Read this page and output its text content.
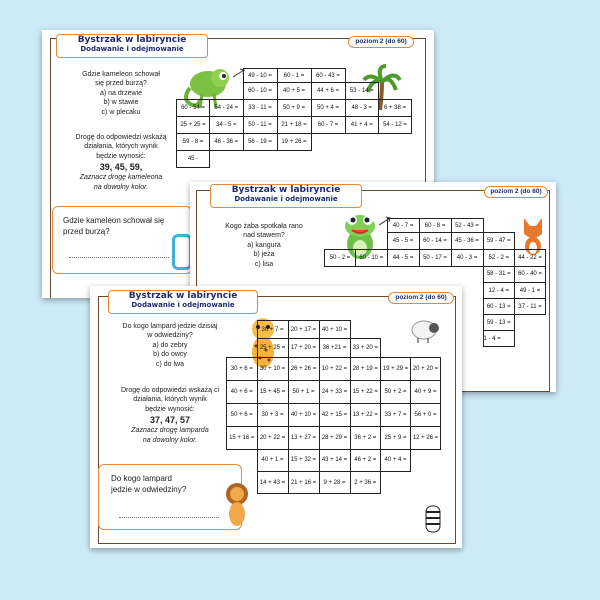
Bystrzak w labiryncie
Dodawanie i odejmowanie
poziom 2 (do 60)
Gdzie kameleon schował
się przed burzą?
a) na drzewie
b) w stawie
c) w plecaku
Drogę do odpowiedzi wskażą
działania, których wynik
będzie wynosić:
39, 45, 59,
Zaznacz drogę kameleona
na dowolny kolor.
Gdzie kameleon schował się przed burzą?
		49 - 10 =	60 - 1 =	60 - 43 =		
		60 - 10 =	40 + 5 =	44 + 6 =	53 - 14 =	
60 - 54 =	54 - 24 =	33 - 11 =	50 + 9 =	50 + 4 =	48 - 3 =	6 + 38 =
25 + 25 =	34 - 5 =	50 - 11 =	21 + 18 =	60 - 7 =	41 + 4 =	54 - 12 =
59 - 8 =	46 - 36 =	56 - 19 =	19 + 26 =			
45 -						
Bystrzak w labiryncie
Dodawanie i odejmowanie
poziom 2 (do 60)
Kogo żaba spotkała rano
nad stawem?
a) kangura
b) jeża
c) lisa
		40 - 7 =	60 - 8 =	52 - 43 =		
		45 - 5 =	60 - 14 =	45 - 36 =	59 - 47 =	
50 - 2 =	60 - 10 =	44 - 5 =	50 - 17 =	40 - 3 =	52 - 2 =	44 - 22 =
					58 - 31 =	60 - 40 =
					12 - 4 =	49 - 1 =
					60 - 13 =	37 - 11 =
					59 - 13 =	
					1 - 4 =	
Bystrzak w labiryncie
Dodawanie i odejmowanie
poziom 2 (do 60)
Do kogo lampard jedzie dzisiaj
w odwiedziny?
a) do zebry
b) do owcy
c) do lwa
Drogę do odpowiedzi wskażą ci
działania, których wynik
będzie wynosić:
37, 47, 57
Zaznacz drogę lamparda
na dowolny kolor.
Do kogo lampard
jedzie w odwiedziny?
	30 + 7 =	20 + 17 =	40 + 10 =			
	25 + 25 =	17 + 20 =	36 +21 =	33 + 20 =		
30 + 6 =	30 + 10 =	26 + 26 =	10 + 22 =	28 + 19 =	19 + 29 =	20 + 20 =
40 + 6 =	15 + 45 =	50 + 1 =	24 + 33 =	15 + 22 =	50 + 2 =	40 + 9 =
50 + 6 =	30 + 3 =	40 + 10 =	42 + 15 =	13 + 22 =	33 + 7 =	56 + 0 =
15 + 16 =	20 + 22 =	13 + 27 =	28 + 29 =	36 + 2 =	25 + 9 =	12 + 26 =
	40 + 1 =	15 + 32 =	43 + 14 =	46 + 2 =	40 + 4 =	
	14 + 43 =	21 + 16 =	9 + 28 =	2 + 36 =		
